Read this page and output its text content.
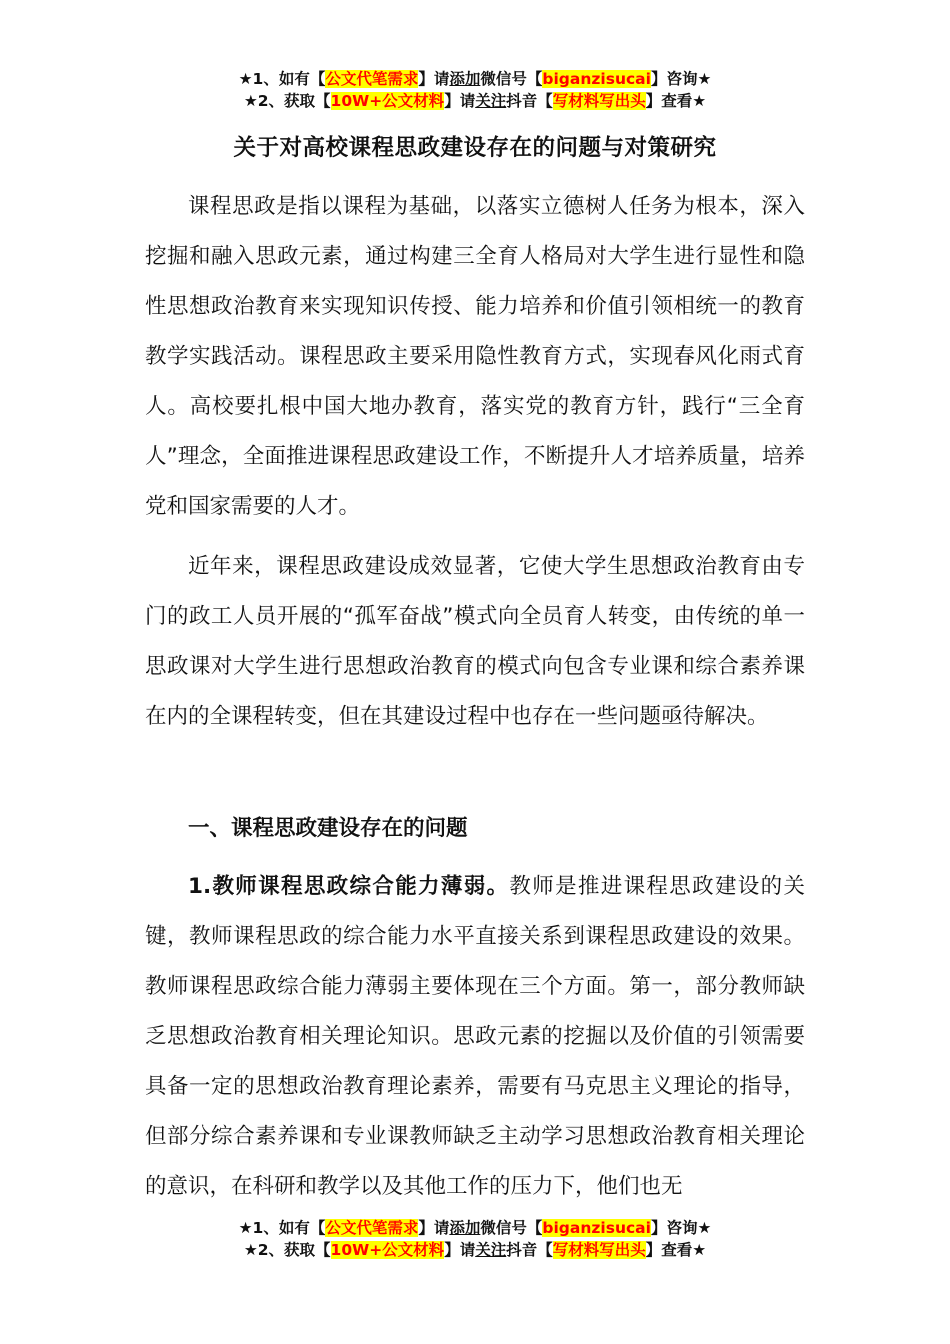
★1、如有【公文代笔需求】请添加微信号【biganzisucai】咨询★
★2、获取【10W+公文材料】请关注抖音【写材料写出头】查看★
关于对高校课程思政建设存在的问题与对策研究

课程思政是指以课程为基础，以落实立德树人任务为根本，深入挖掘和融入思政元素，通过构建三全育人格局对大学生进行显性和隐性思想政治教育来实现知识传授、能力培养和价值引领相统一的教育教学实践活动。课程思政主要采用隐性教育方式，实现春风化雨式育人。高校要扎根中国大地办教育，落实党的教育方针，践行“三全育人”理念，全面推进课程思政建设工作，不断提升人才培养质量，培养党和国家需要的人才。

近年来，课程思政建设成效显著，它使大学生思想政治教育由专门的政工人员开展的“孤军奋战”模式向全员育人转变，由传统的单一思政课对大学生进行思想政治教育的模式向包含专业课和综合素养课在内的全课程转变，但在其建设过程中也存在一些问题亟待解决。

一、课程思政建设存在的问题

1.教师课程思政综合能力薄弱。教师是推进课程思政建设的关键，教师课程思政的综合能力水平直接关系到课程思政建设的效果。教师课程思政综合能力薄弱主要体现在三个方面。第一，部分教师缺乏思想政治教育相关理论知识。思政元素的挖掘以及价值的引领需要具备一定的思想政治教育理论素养，需要有马克思主义理论的指导，但部分综合素养课和专业课教师缺乏主动学习思想政治教育相关理论的意识，在科研和教学以及其他工作的压力下，他们也无

★1、如有【公文代笔需求】请添加微信号【biganzisucai】咨询★
★2、获取【10W+公文材料】请关注抖音【写材料写出头】查看★
